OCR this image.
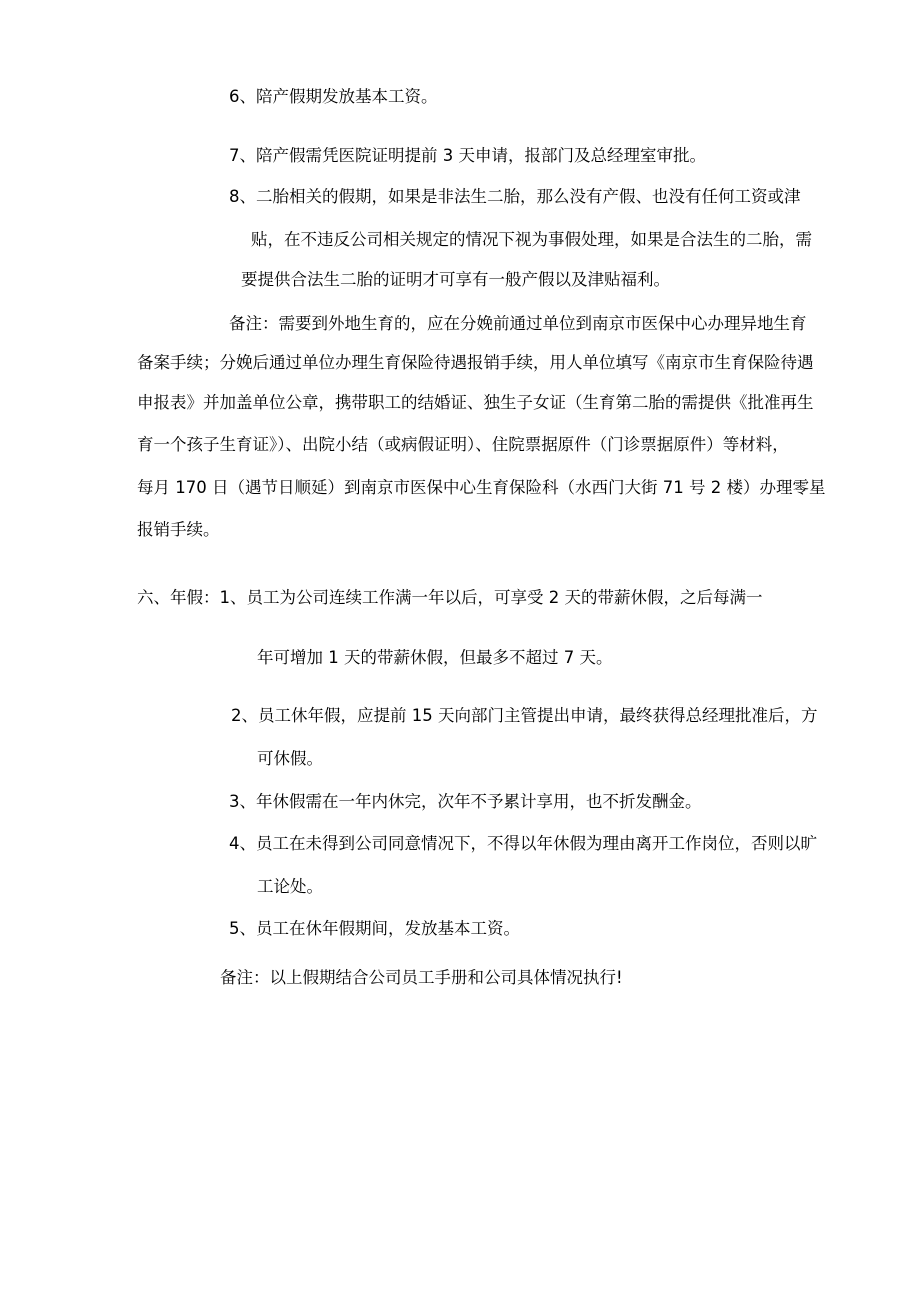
6、陪产假期发放基本工资。

7、陪产假需凭医院证明提前 3 天申请，报部门及总经理室审批。

8、二胎相关的假期，如果是非法生二胎，那么没有产假、也没有任何工资或津

贴，在不违反公司相关规定的情况下视为事假处理，如果是合法生的二胎，需

要提供合法生二胎的证明才可享有一般产假以及津贴福利。

备注：需要到外地生育的，应在分娩前通过单位到南京市医保中心办理异地生育

备案手续；分娩后通过单位办理生育保险待遇报销手续，用人单位填写《南京市生育保险待遇

申报表》并加盖单位公章，携带职工的结婚证、独生子女证（生育第二胎的需提供《批准再生

育一个孩子生育证》）、出院小结（或病假证明）、住院票据原件（门诊票据原件）等材料，

每月 170 日（遇节日顺延）到南京市医保中心生育保险科（水西门大街 71 号 2 楼）办理零星

报销手续。

六、年假：1、员工为公司连续工作满一年以后，可享受 2 天的带薪休假，之后每满一

年可增加 1 天的带薪休假，但最多不超过 7 天。

2、员工休年假，应提前 15 天向部门主管提出申请，最终获得总经理批准后，方

可休假。

3、年休假需在一年内休完，次年不予累计享用，也不折发酬金。

4、员工在未得到公司同意情况下，不得以年休假为理由离开工作岗位，否则以旷

工论处。

5、员工在休年假期间，发放基本工资。

备注：以上假期结合公司员工手册和公司具体情况执行!
